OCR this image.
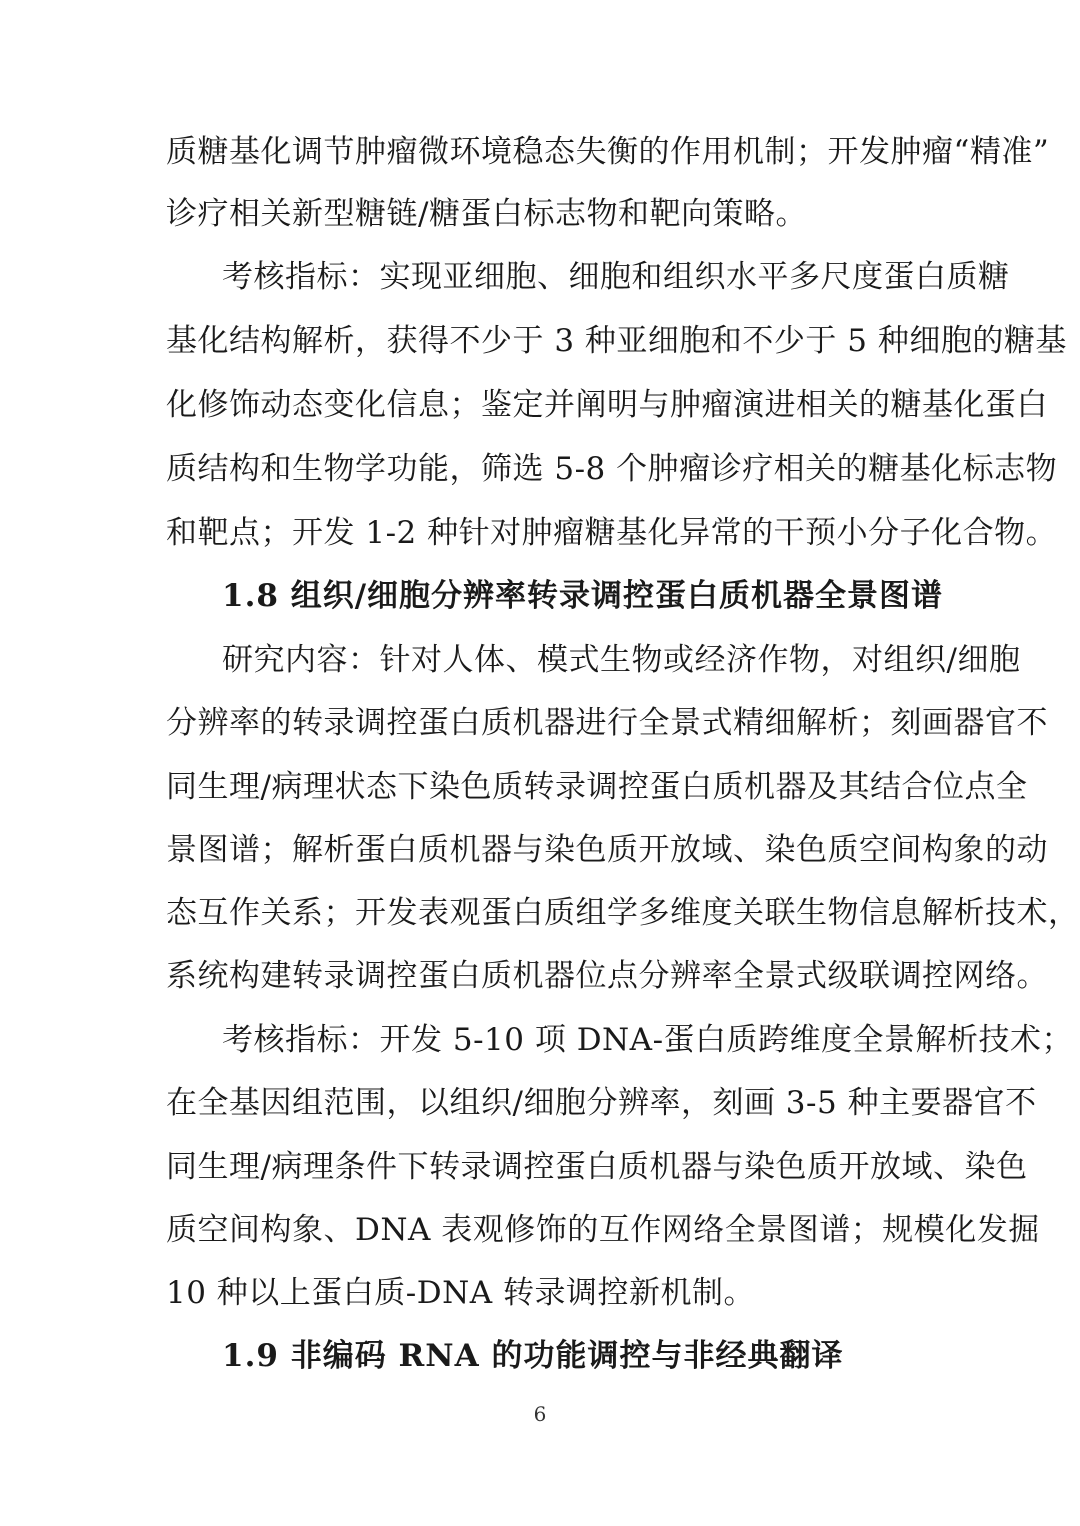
质糖基化调节肿瘤微环境稳态失衡的作用机制；开发肿瘤“精准”
诊疗相关新型糖链/糖蛋白标志物和靶向策略。
考核指标：实现亚细胞、细胞和组织水平多尺度蛋白质糖
基化结构解析，获得不少于 3 种亚细胞和不少于 5 种细胞的糖基
化修饰动态变化信息；鉴定并阐明与肿瘤演进相关的糖基化蛋白
质结构和生物学功能，筛选 5-8 个肿瘤诊疗相关的糖基化标志物
和靶点；开发 1-2 种针对肿瘤糖基化异常的干预小分子化合物。
1.8 组织/细胞分辨率转录调控蛋白质机器全景图谱
研究内容：针对人体、模式生物或经济作物，对组织/细胞
分辨率的转录调控蛋白质机器进行全景式精细解析；刻画器官不
同生理/病理状态下染色质转录调控蛋白质机器及其结合位点全
景图谱；解析蛋白质机器与染色质开放域、染色质空间构象的动
态互作关系；开发表观蛋白质组学多维度关联生物信息解析技术，
系统构建转录调控蛋白质机器位点分辨率全景式级联调控网络。
考核指标：开发 5-10 项 DNA-蛋白质跨维度全景解析技术；
在全基因组范围，以组织/细胞分辨率，刻画 3-5 种主要器官不
同生理/病理条件下转录调控蛋白质机器与染色质开放域、染色
质空间构象、DNA 表观修饰的互作网络全景图谱；规模化发掘
10 种以上蛋白质-DNA 转录调控新机制。
1.9 非编码 RNA 的功能调控与非经典翻译
6
